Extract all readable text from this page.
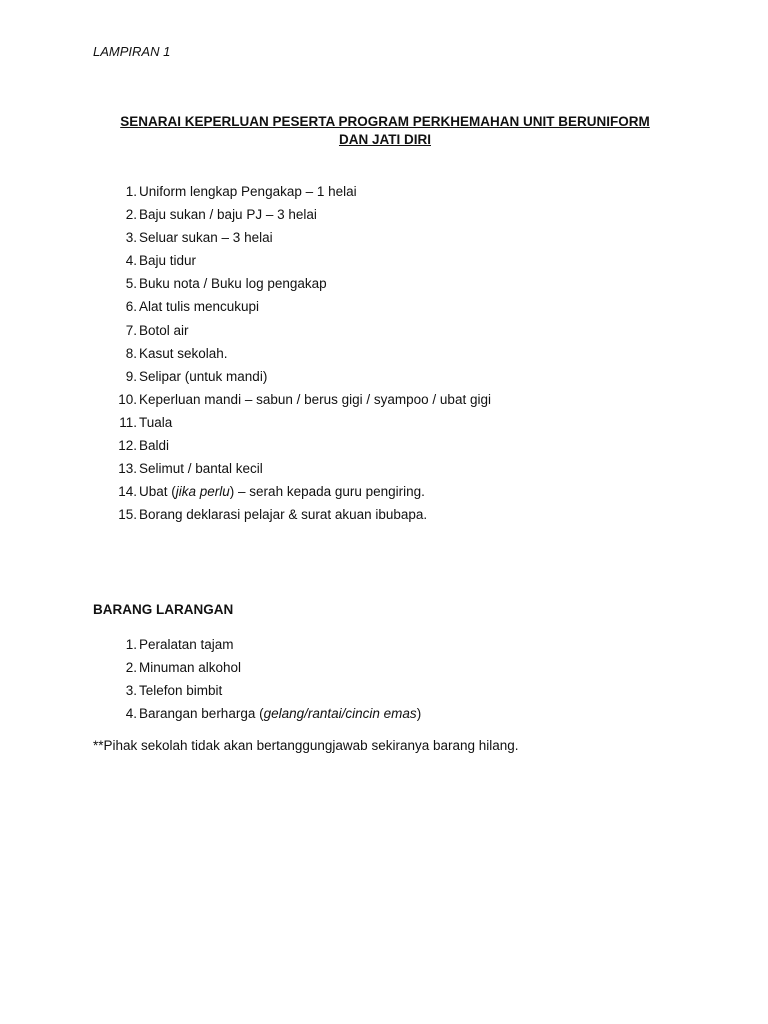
LAMPIRAN 1
SENARAI KEPERLUAN PESERTA PROGRAM PERKHEMAHAN UNIT BERUNIFORM
DAN JATI DIRI
1. Uniform lengkap Pengakap – 1 helai
2. Baju sukan / baju PJ – 3 helai
3. Seluar sukan – 3 helai
4. Baju tidur
5. Buku nota / Buku log pengakap
6. Alat tulis mencukupi
7. Botol air
8. Kasut sekolah.
9. Selipar (untuk mandi)
10. Keperluan mandi – sabun / berus gigi / syampoo / ubat gigi
11. Tuala
12. Baldi
13. Selimut / bantal kecil
14. Ubat (jika perlu) – serah kepada guru pengiring.
15. Borang deklarasi pelajar & surat akuan ibubapa.
BARANG LARANGAN
1. Peralatan tajam
2. Minuman alkohol
3. Telefon bimbit
4. Barangan berharga (gelang/rantai/cincin emas)
**Pihak sekolah tidak akan bertanggungjawab sekiranya barang hilang.
